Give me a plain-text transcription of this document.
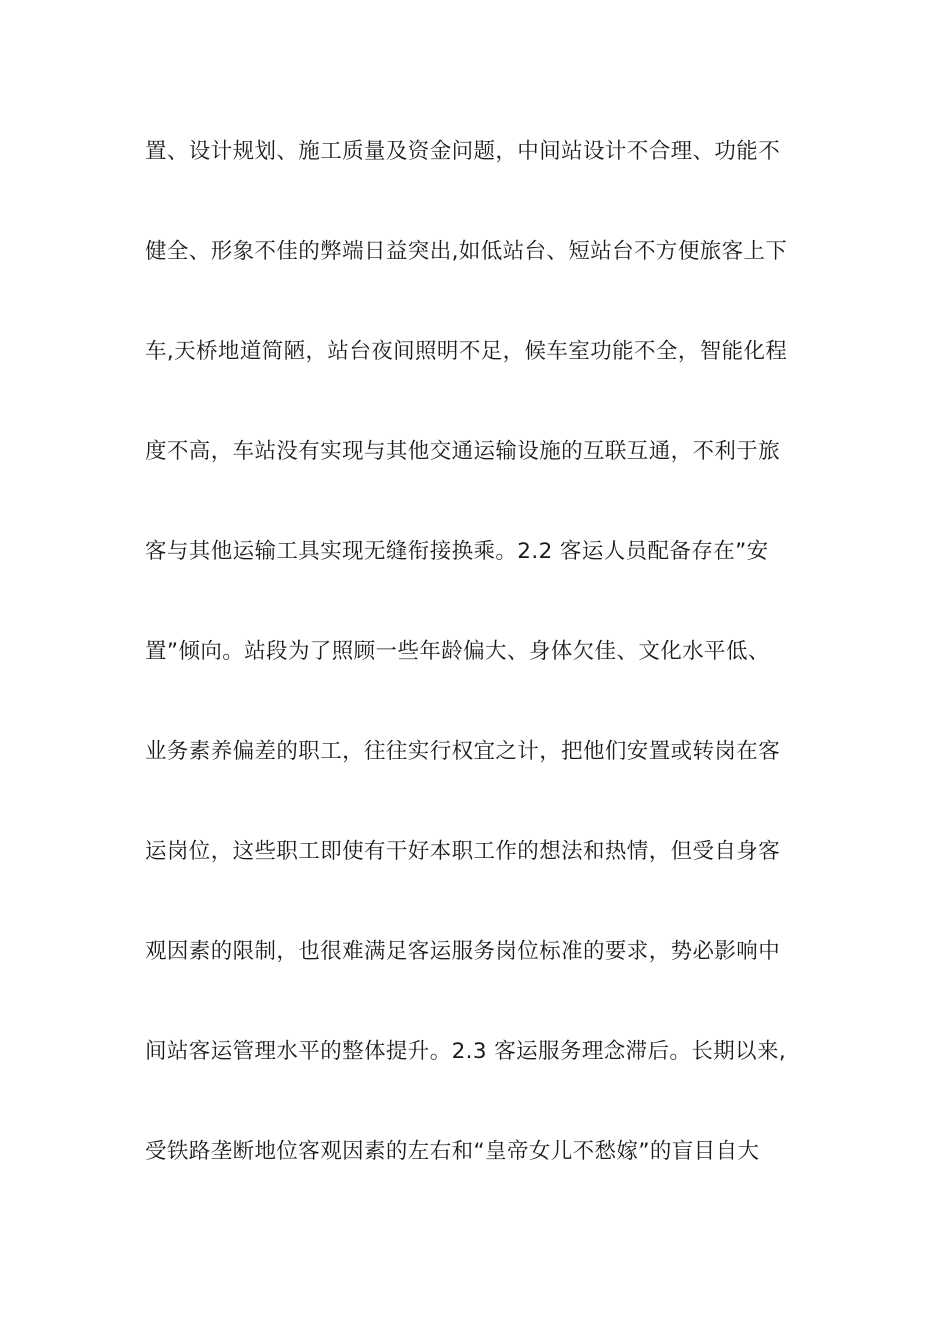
置、设计规划、施工质量及资金问题，中间站设计不合理、功能不
健全、形象不佳的弊端日益突出,如低站台、短站台不方便旅客上下
车,天桥地道简陋，站台夜间照明不足，候车室功能不全，智能化程
度不高，车站没有实现与其他交通运输设施的互联互通，不利于旅
客与其他运输工具实现无缝衔接换乘。2.2 客运人员配备存在”安
置”倾向。站段为了照顾一些年龄偏大、身体欠佳、文化水平低、
业务素养偏差的职工，往往实行权宜之计，把他们安置或转岗在客
运岗位，这些职工即使有干好本职工作的想法和热情，但受自身客
观因素的限制，也很难满足客运服务岗位标准的要求，势必影响中
间站客运管理水平的整体提升。2.3 客运服务理念滞后。长期以来,
受铁路垄断地位客观因素的左右和“皇帝女儿不愁嫁”的盲目自大
